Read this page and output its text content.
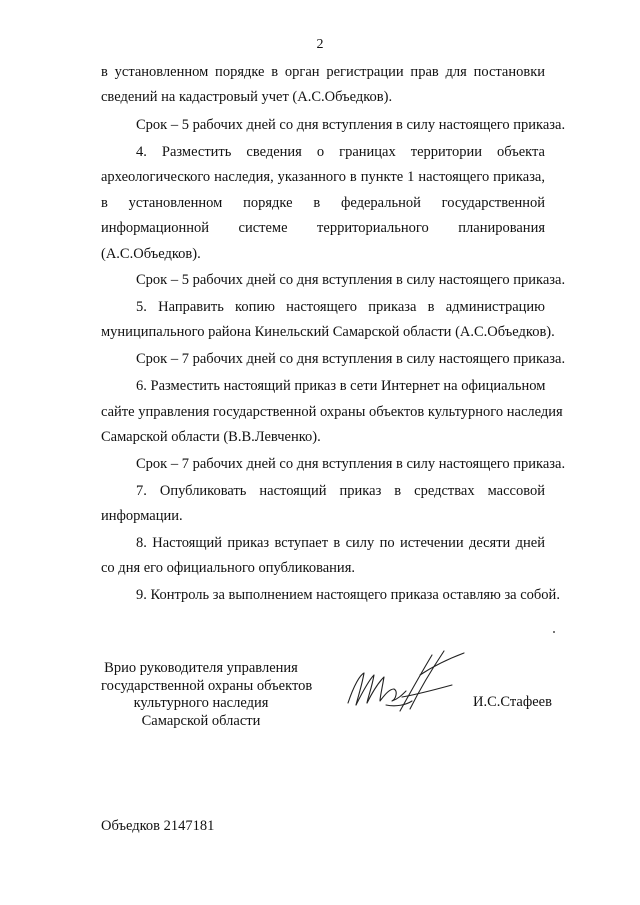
2
в установленном порядке в орган регистрации прав для постановки
сведений на кадастровый учет (А.С.Объедков).
Срок – 5 рабочих дней со дня вступления в силу настоящего приказа.
4. Разместить сведения о границах территории объекта
археологического наследия, указанного в пункте 1 настоящего приказа,
в установленном порядке в федеральной государственной
информационной системе территориального планирования
(А.С.Объедков).
Срок – 5 рабочих дней со дня вступления в силу настоящего приказа.
5. Направить копию настоящего приказа в администрацию
муниципального района Кинельский Самарской области (А.С.Объедков).
Срок – 7 рабочих дней со дня вступления в силу настоящего приказа.
6. Разместить настоящий приказ в сети Интернет на официальном
сайте управления государственной охраны объектов культурного наследия
Самарской области (В.В.Левченко).
Срок – 7 рабочих дней со дня вступления в силу настоящего приказа.
7. Опубликовать настоящий приказ в средствах массовой
информации.
8. Настоящий приказ вступает в силу по истечении десяти дней
со дня его официального опубликования.
9. Контроль за выполнением настоящего приказа оставляю за собой.
Врио руководителя управления
государственной охраны объектов
культурного наследия
Самарской области
И.С.Стафеев
Объедков 2147181
